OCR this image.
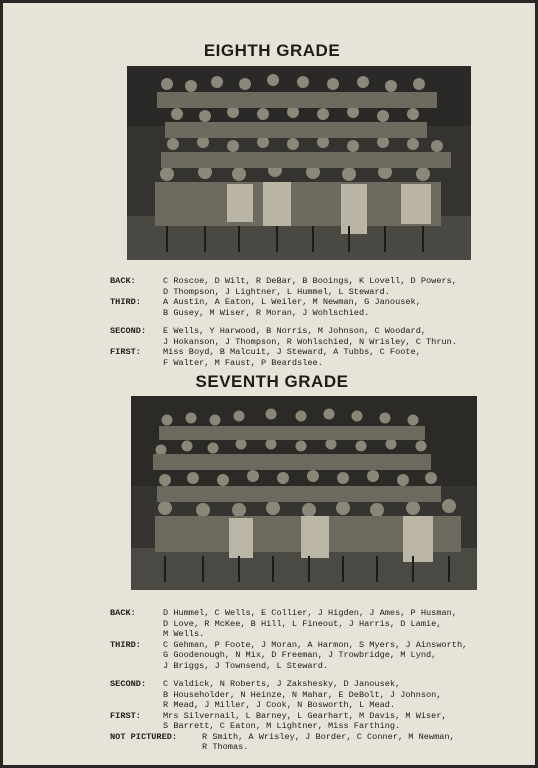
EIGHTH GRADE
BACK:	C Roscoe, D Wilt, R DeBar, B Booings, K Lovell, D Powers,
D Thompson, J Lightner, L Hummel, L Steward.
THIRD:	A Austin, A Eaton, L Weiler, M Newman, G Janousek,
B Gusey, M Wiser, R Moran, J Wohlschied.
SECOND:	E Wells, Y Harwood, B Norris, M Johnson, C Woodard,
J Hokanson, J Thompson, R Wohlschied, N Wrisley, C Thrun.
FIRST:	Miss Boyd, B Malcuit, J Steward, A Tubbs, C Foote,
F Walter, M Faust, P Beardslee.
SEVENTH GRADE
BACK:	D Hummel, C Wells, E Collier, J Higden, J Ames, P Husman,
D Love, R McKee, B Hill, L Fineout, J Harris, D Lamie,
M Wells.
THIRD:	C Gehman, P Foote, J Moran, A Harmon, S Myers, J Ainsworth,
G Goodenough, N Mix, D Freeman, J Trowbridge, M Lynd,
J Briggs, J Townsend, L Steward.
SECOND:	C Valdick, N Roberts, J Zakshesky, D Janousek,
B Householder, N Heinze, N Mahar, E DeBolt, J Johnson,
R Mead, J Miller, J Cook, N Bosworth, L Mead.
FIRST:	Mrs Silvernail, L Barney, L Gearhart, M Davis, M Wiser,
S Barrett, C Eaton, M Lightner, Miss Farthing.
NOT PICTURED:	R Smith, A Wrisley, J Border, C Conner, M Newman,
R Thomas.
